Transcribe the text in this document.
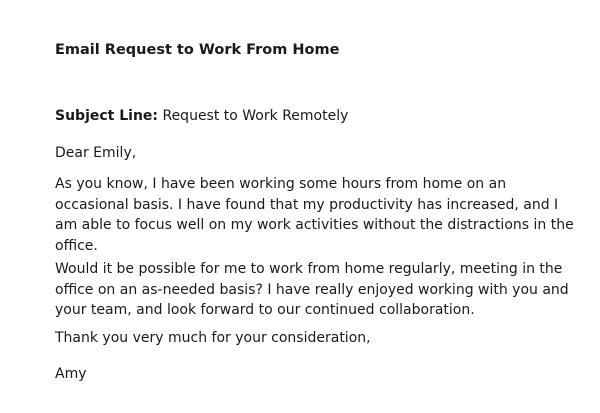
Email Request to Work From Home
Subject Line: Request to Work Remotely
Dear Emily,

As you know, I have been working some hours from home on an
occasional basis. I have found that my productivity has increased, and I
am able to focus well on my work activities without the distractions in the
office.

Would it be possible for me to work from home regularly, meeting in the
office on an as-needed basis? I have really enjoyed working with you and
your team, and look forward to our continued collaboration.

Thank you very much for your consideration,
Amy
